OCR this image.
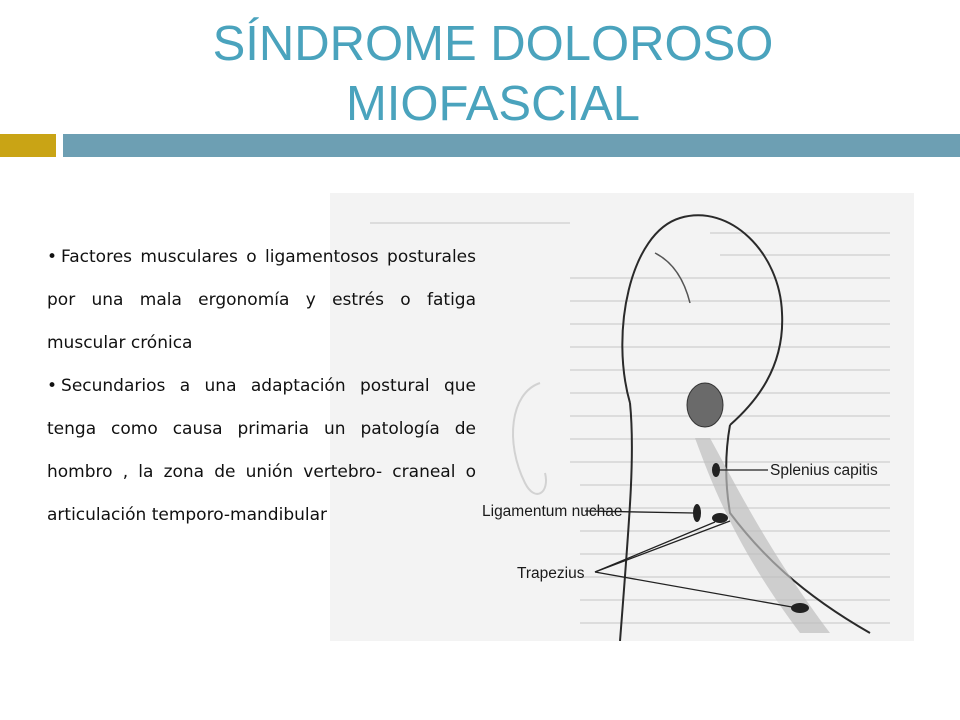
SÍNDROME DOLOROSO
MIOFASCIAL
Splenius capitis
Ligamentum nuchae
Trapezius
• Factores musculares o ligamentosos posturales por una mala ergonomía y estrés o fatiga muscular crónica
• Secundarios a una adaptación postural que tenga como causa primaria un patología de hombro , la zona de unión vertebro- craneal o articulación temporo-mandibular
